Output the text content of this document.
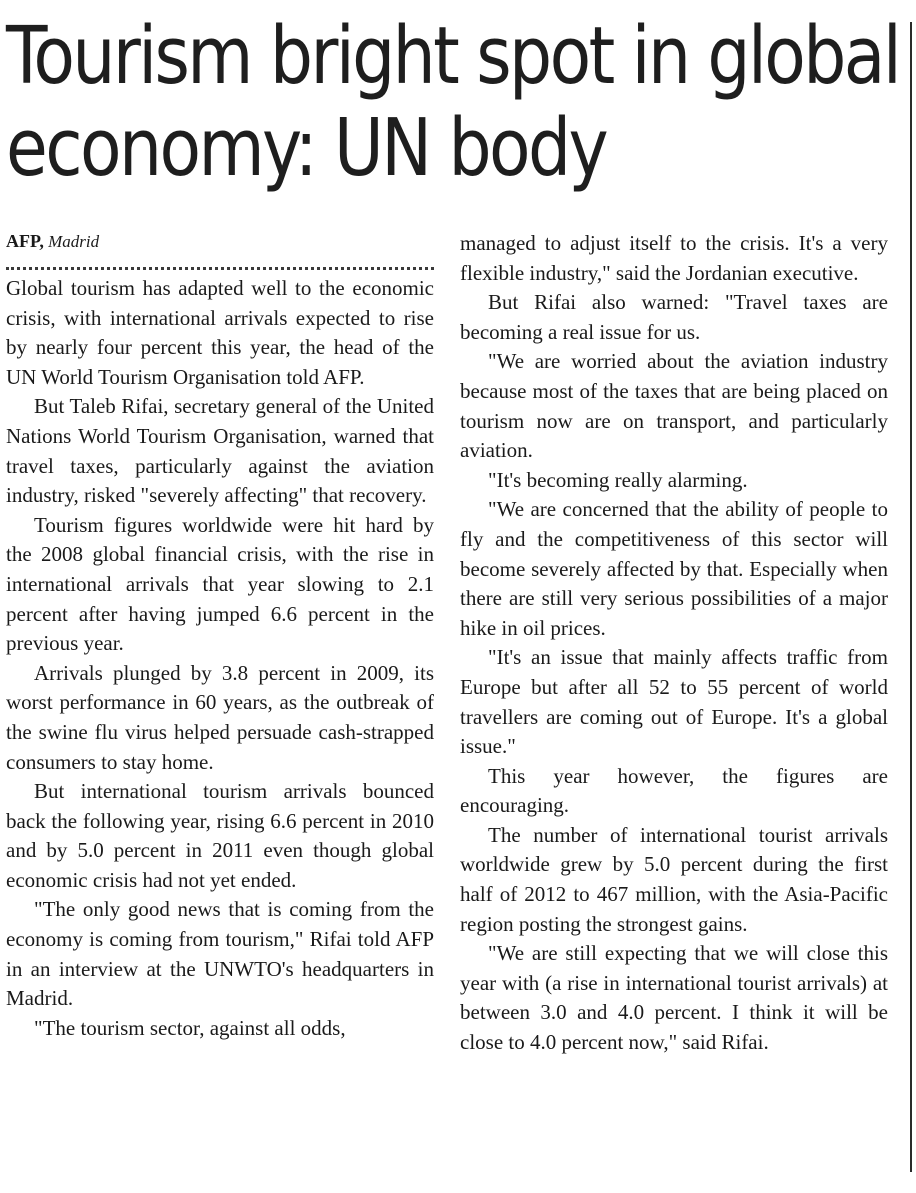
Tourism bright spot in global
economy: UN body
AFP, Madrid

Global tourism has adapted well to the economic crisis, with international arrivals expected to rise by nearly four percent this year, the head of the UN World Tourism Organisation told AFP.

But Taleb Rifai, secretary general of the United Nations World Tourism Organisation, warned that travel taxes, particularly against the aviation industry, risked "severely affecting" that recovery.

Tourism figures worldwide were hit hard by the 2008 global financial crisis, with the rise in international arrivals that year slowing to 2.1 percent after having jumped 6.6 percent in the previous year.

Arrivals plunged by 3.8 percent in 2009, its worst performance in 60 years, as the outbreak of the swine flu virus helped persuade cash-strapped consumers to stay home.

But international tourism arrivals bounced back the following year, rising 6.6 percent in 2010 and by 5.0 percent in 2011 even though global economic crisis had not yet ended.

"The only good news that is coming from the economy is coming from tourism," Rifai told AFP in an interview at the UNWTO's headquarters in Madrid.

"The tourism sector, against all odds,

managed to adjust itself to the crisis. It's a very flexible industry," said the Jordanian executive.

But Rifai also warned: "Travel taxes are becoming a real issue for us.

"We are worried about the aviation industry because most of the taxes that are being placed on tourism now are on transport, and particularly aviation.

"It's becoming really alarming.

"We are concerned that the ability of people to fly and the competitiveness of this sector will become severely affected by that. Especially when there are still very serious possibilities of a major hike in oil prices.

"It's an issue that mainly affects traffic from Europe but after all 52 to 55 percent of world travellers are coming out of Europe. It's a global issue."

This year however, the figures are encouraging.

The number of international tourist arrivals worldwide grew by 5.0 percent during the first half of 2012 to 467 million, with the Asia-Pacific region posting the strongest gains.

"We are still expecting that we will close this year with (a rise in international tourist arrivals) at between 3.0 and 4.0 percent. I think it will be close to 4.0 percent now," said Rifai.
